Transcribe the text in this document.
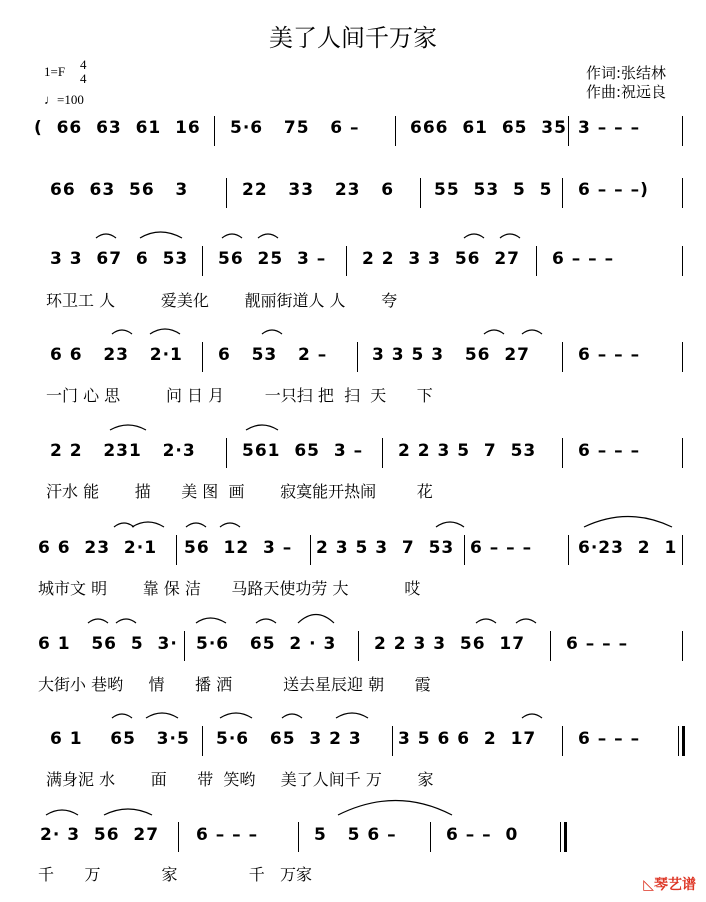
美了人间千万家
1=F 4
4
♩=100
作词:张结林
作曲:祝远良
(  66  63  61  16 5·6   75   6 –	666  61  65  35 3 – – –
66  63  56   3	22   33   23   6 55  53  5  5 6 – – –)
3 3  67  6  53 56  25  3 – 2 2  3 3  56  27 6 – – –
环卫工 人         爱美化       靓丽街道人 人       夸
6 6   23   2·1 6   53   2 –	3 3 5 3   56  27	6 – – –
一门 心 思         问 日 月        一只扫 把  扫  天      下
2 2   231   2·3	561  65  3 – 2 2 3 5  7  53 6 – – –
汗水 能       描      美 图  画       寂寞能开热闹        花
6 6  23  2·1 56  12  3 – 2 3 5 3  7  53 6 – – –	6·23  2  1
城市文 明       靠 保 洁      马路天使功劳 大           哎
6 1   56  5  3· 5·6   65  2 · 3 2 2 3 3  56  17 6 – – –
大街小 巷哟     情      播 洒          送去星辰迎 朝      霞
6 1    65   3·5 5·6   65  3 2 3 3 5 6 6  2  17 6 – – –
满身泥 水       面      带  笑哟     美了人间千 万       家
2· 3  56  27 6 – – –	5   5 6 –	6 – –  0
千      万            家              千   万家
◺琴艺谱
